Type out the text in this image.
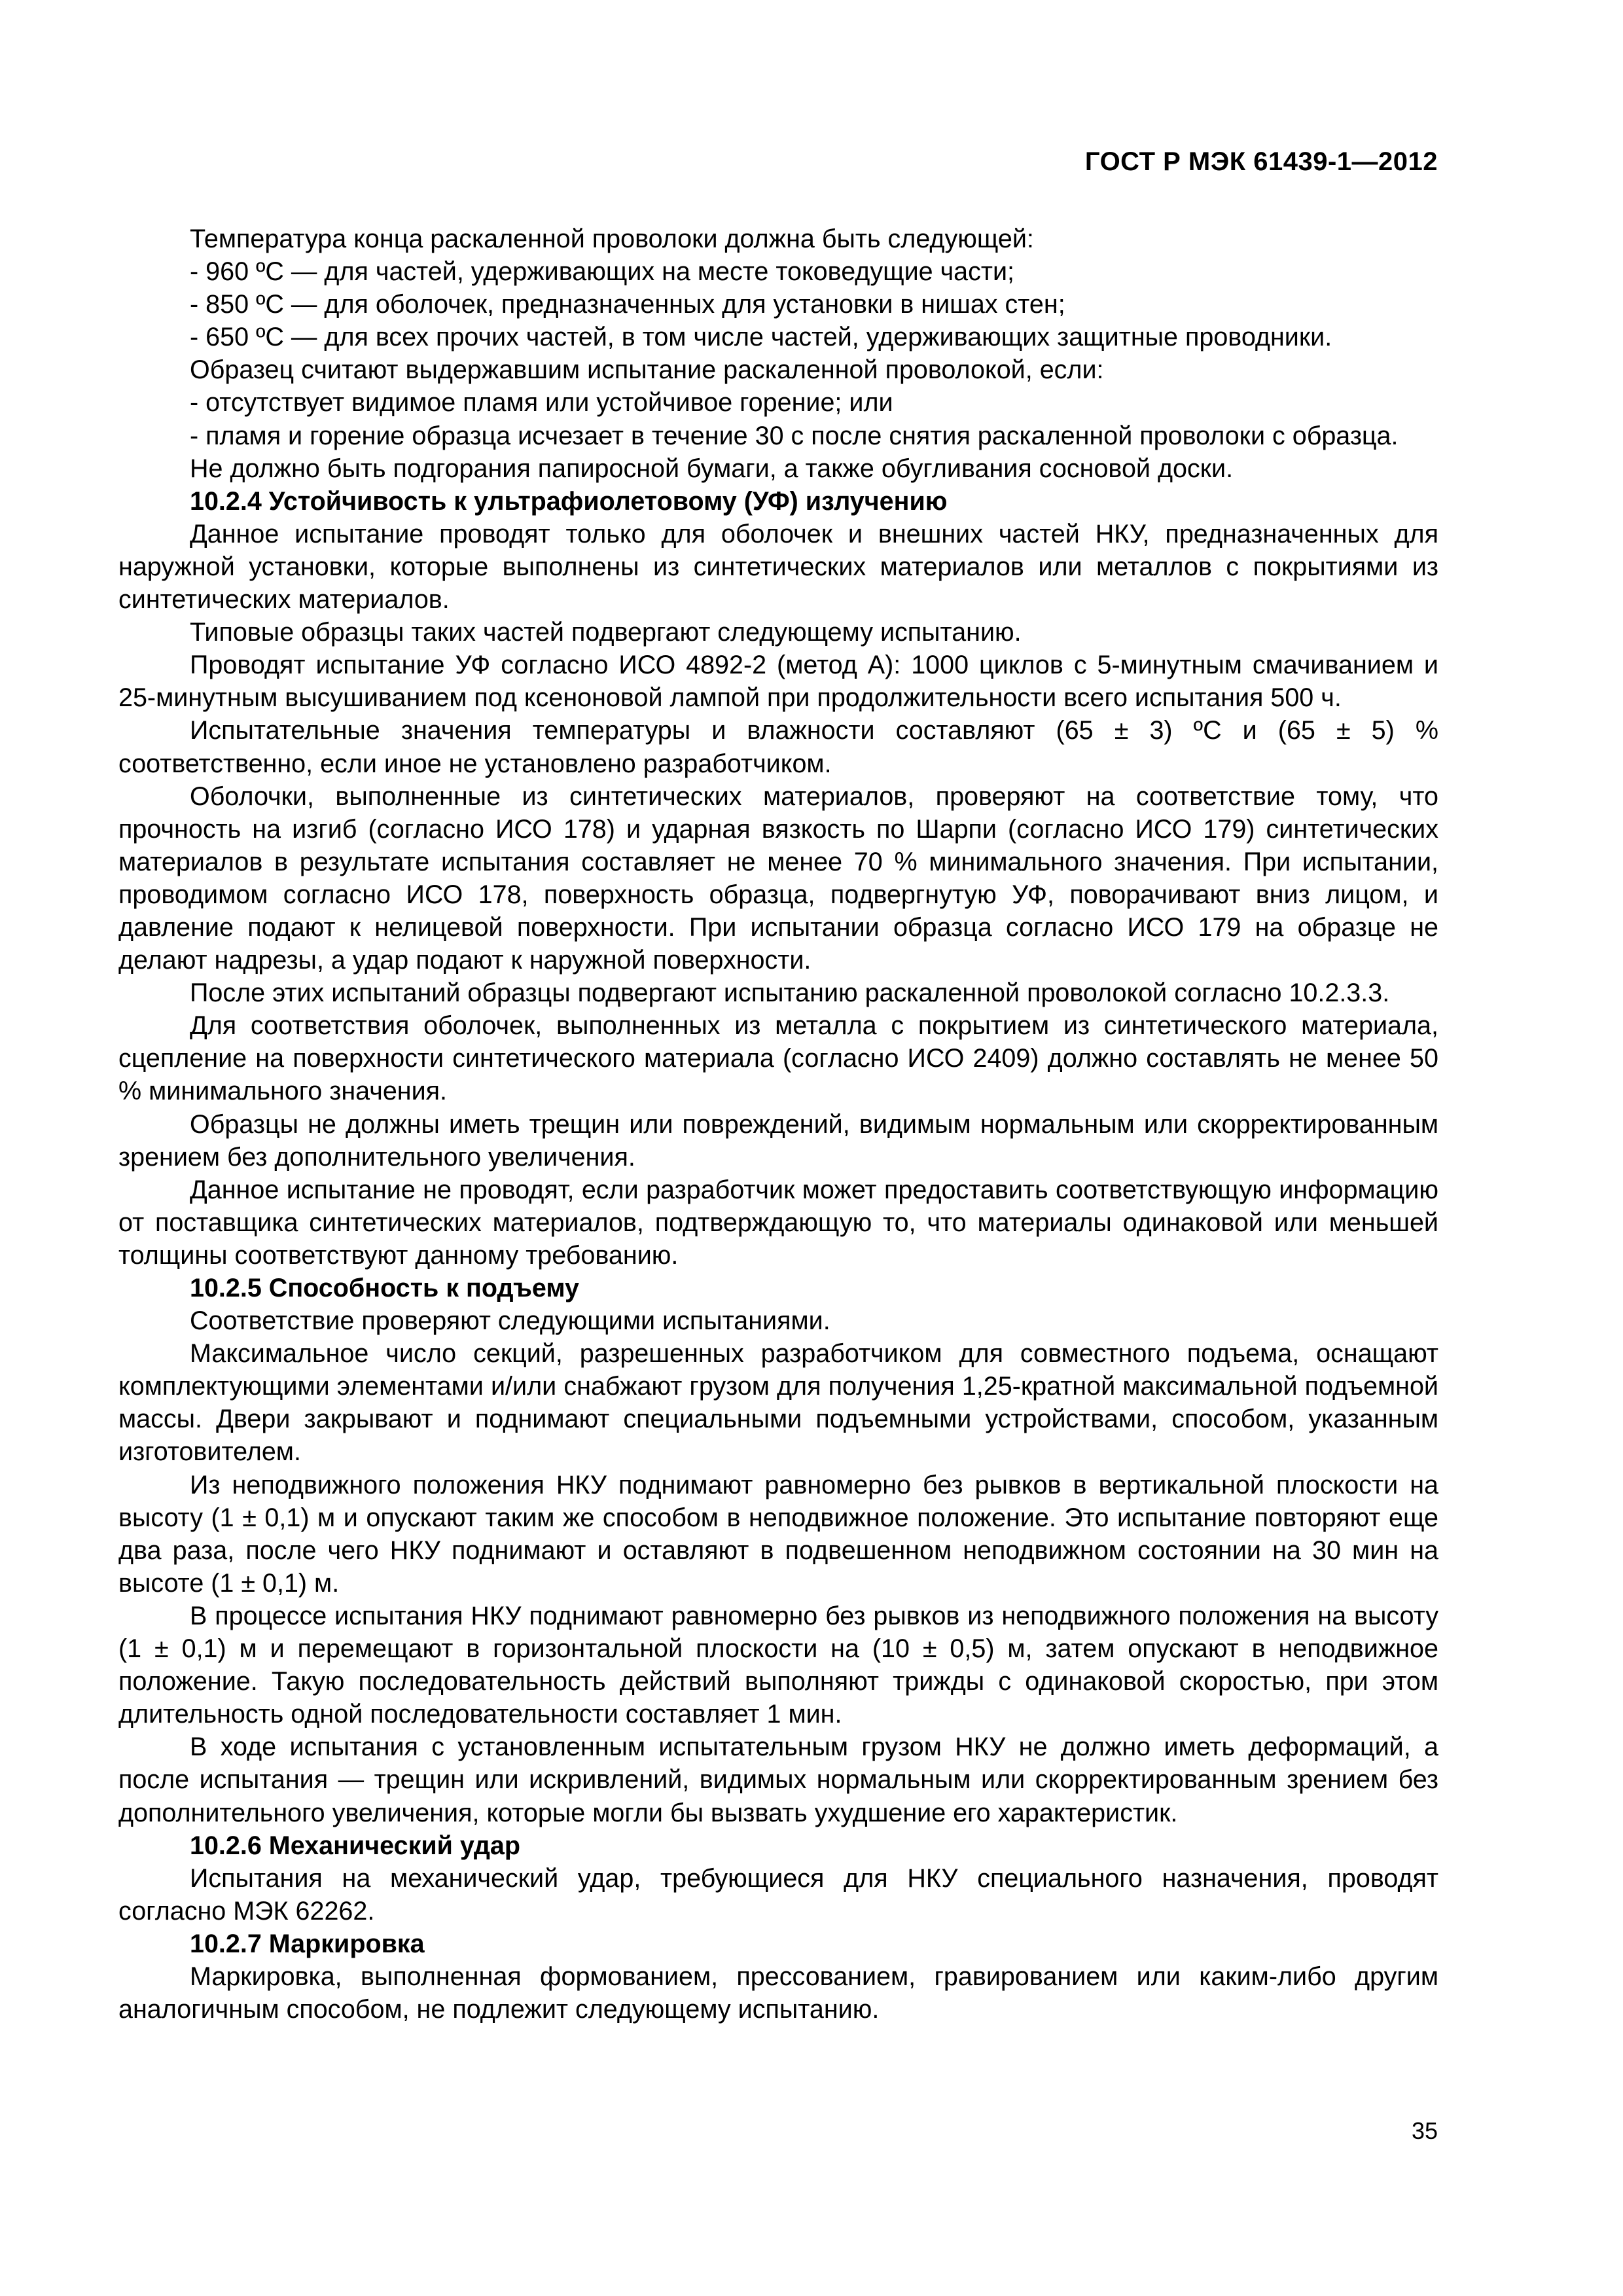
ГОСТ Р МЭК 61439-1—2012

Температура конца раскаленной проволоки должна быть следующей:

- 960 ºC — для частей, удерживающих на месте токоведущие части;

- 850 ºC — для оболочек, предназначенных для установки в нишах стен;

- 650 ºC — для всех прочих частей, в том числе частей, удерживающих защитные проводники.

Образец считают выдержавшим испытание раскаленной проволокой, если:

- отсутствует видимое пламя или устойчивое горение; или

- пламя и горение образца исчезает в течение 30 с после снятия раскаленной проволоки с образца.

Не должно быть подгорания папиросной бумаги, а также обугливания сосновой доски.

10.2.4 Устойчивость к ультрафиолетовому (УФ) излучению

Данное испытание проводят только для оболочек и внешних частей НКУ, предназначенных для наружной установки, которые выполнены из синтетических материалов или металлов с покрытиями из синтетических материалов.

Типовые образцы таких частей подвергают следующему испытанию.

Проводят испытание УФ согласно ИСО 4892-2 (метод А): 1000 циклов с 5-минутным смачиванием и 25-минутным высушиванием под ксеноновой лампой при продолжительности всего испытания 500 ч.

Испытательные значения температуры и влажности составляют (65 ± 3) ºC и (65 ± 5) % соответственно, если иное не установлено разработчиком.

Оболочки, выполненные из синтетических материалов, проверяют на соответствие тому, что прочность на изгиб (согласно ИСО 178) и ударная вязкость по Шарпи (согласно ИСО 179) синтетических материалов в результате испытания составляет не менее 70 % минимального значения. При испытании, проводимом согласно ИСО 178, поверхность образца, подвергнутую УФ, поворачивают вниз лицом, и давление подают к нелицевой поверхности. При испытании образца согласно ИСО 179 на образце не делают надрезы, а удар подают к наружной поверхности.

После этих испытаний образцы подвергают испытанию раскаленной проволокой согласно 10.2.3.3.

Для соответствия оболочек, выполненных из металла с покрытием из синтетического материала, сцепление на поверхности синтетического материала (согласно ИСО 2409) должно составлять не менее 50 % минимального значения.

Образцы не должны иметь трещин или повреждений, видимым нормальным или скорректированным зрением без дополнительного увеличения.

Данное испытание не проводят, если разработчик может предоставить соответствующую информацию от поставщика синтетических материалов, подтверждающую то, что материалы одинаковой или меньшей толщины соответствуют данному требованию.

10.2.5 Способность к подъему

Соответствие проверяют следующими испытаниями.

Максимальное число секций, разрешенных разработчиком для совместного подъема, оснащают комплектующими элементами и/или снабжают грузом для получения 1,25-кратной максимальной подъемной массы. Двери закрывают и поднимают специальными подъемными устройствами, способом, указанным изготовителем.

Из неподвижного положения НКУ поднимают равномерно без рывков в вертикальной плоскости на высоту (1 ± 0,1) м и опускают таким же способом в неподвижное положение. Это испытание повторяют еще два раза, после чего НКУ поднимают и оставляют в подвешенном неподвижном состоянии на 30 мин на высоте (1 ± 0,1) м.

В процессе испытания НКУ поднимают равномерно без рывков из неподвижного положения на высоту (1 ± 0,1) м и перемещают в горизонтальной плоскости на (10 ± 0,5) м, затем опускают в неподвижное положение. Такую последовательность действий выполняют трижды с одинаковой скоростью, при этом длительность одной последовательности составляет 1 мин.

В ходе испытания с установленным испытательным грузом НКУ не должно иметь деформаций, а после испытания — трещин или искривлений, видимых нормальным или скорректированным зрением без дополнительного увеличения, которые могли бы вызвать ухудшение его характеристик.

10.2.6 Механический удар

Испытания на механический удар, требующиеся для НКУ специального назначения, проводят согласно МЭК 62262.

10.2.7 Маркировка

Маркировка, выполненная формованием, прессованием, гравированием или каким-либо другим аналогичным способом, не подлежит следующему испытанию.

35
